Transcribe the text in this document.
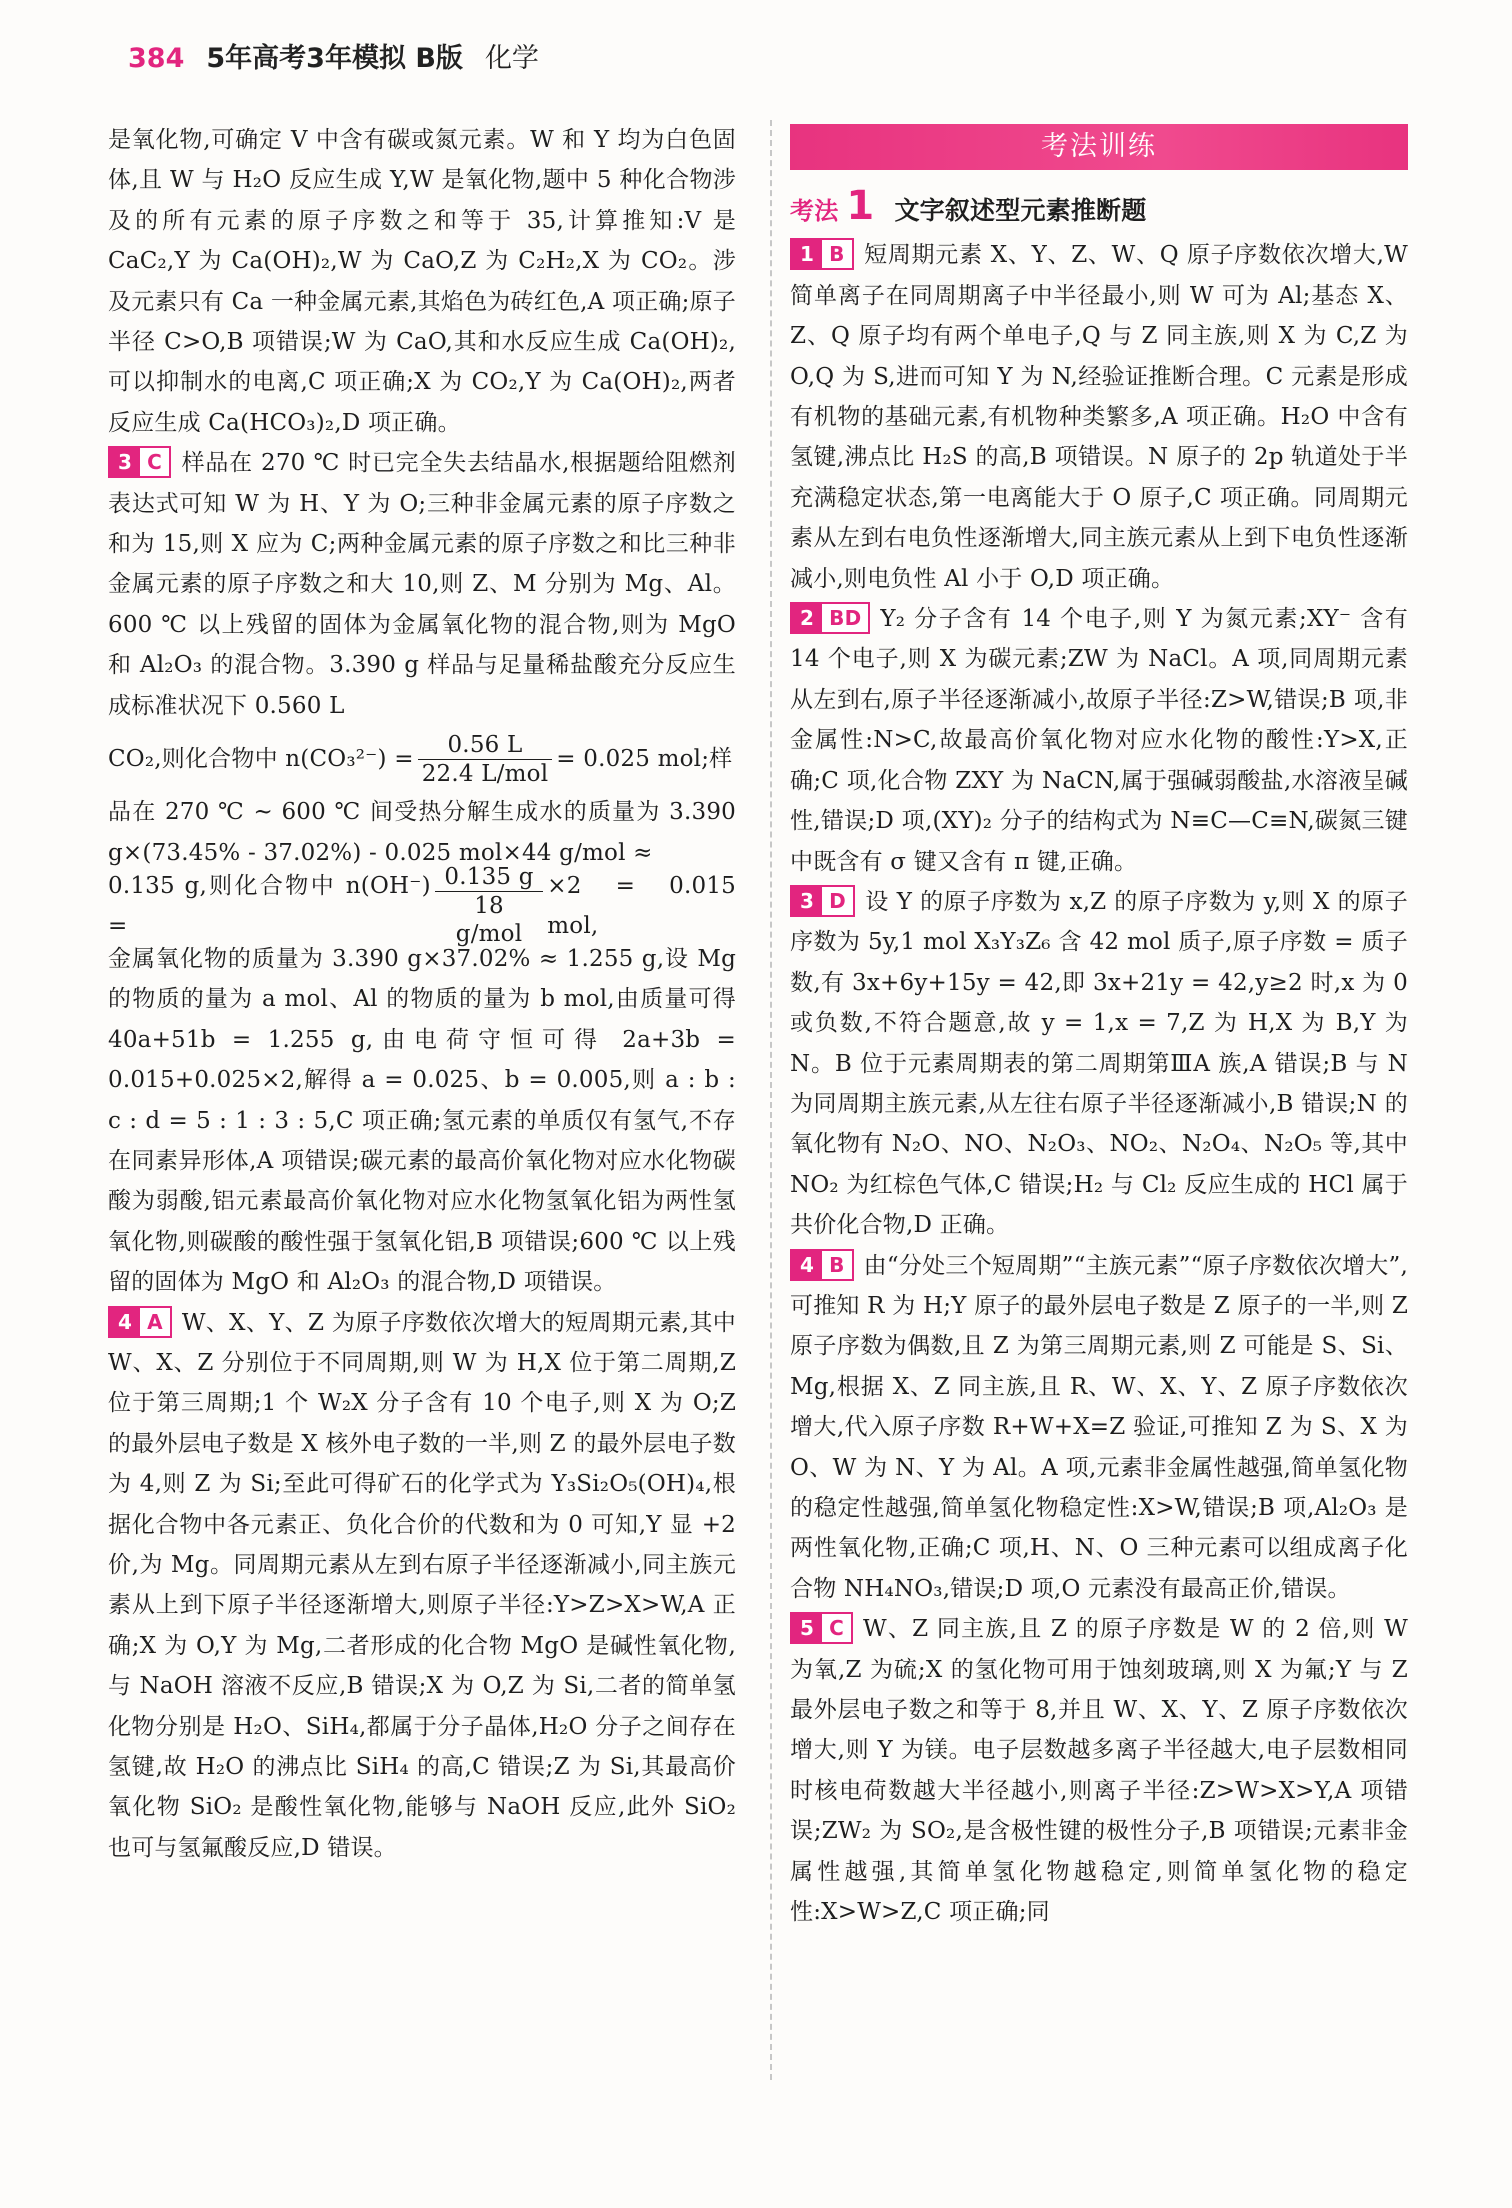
384 5年高考3年模拟 B版 化学

是氧化物,可确定 V 中含有碳或氮元素。W 和 Y 均为白色固体,且 W 与 H₂O 反应生成 Y,W 是氧化物,题中 5 种化合物涉及的所有元素的原子序数之和等于 35,计算推知:V 是 CaC₂,Y 为 Ca(OH)₂,W 为 CaO,Z 为 C₂H₂,X 为 CO₂。涉及元素只有 Ca 一种金属元素,其焰色为砖红色,A 项正确;原子半径 C>O,B 项错误;W 为 CaO,其和水反应生成 Ca(OH)₂,可以抑制水的电离,C 项正确;X 为 CO₂,Y 为 Ca(OH)₂,两者反应生成 Ca(HCO₃)₂,D 项正确。

3 C 样品在 270 ℃ 时已完全失去结晶水,根据题给阻燃剂表达式可知 W 为 H、Y 为 O;三种非金属元素的原子序数之和为 15,则 X 应为 C;两种金属元素的原子序数之和比三种非金属元素的原子序数之和大 10,则 Z、M 分别为 Mg、Al。600 ℃ 以上残留的固体为金属氧化物的混合物,则为 MgO 和 Al₂O₃ 的混合物。3.390 g 样品与足量稀盐酸充分反应生成标准状况下 0.560 L

CO₂,则化合物中 $n(CO_3^{2-}) = \frac{0.56 L}{\text{22.4 L/mol}} = 0.025$ mol;样

品在 270 ℃ ~ 600 ℃ 间受热分解生成水的质量为 3.390 g×(73.45% - 37.02%) - 0.025 mol×44 g/mol ≈

0.135 g,则化合物中 n(OH⁻) =	$\frac{0.135 g}{\text{18 g/mol}} \times 2 = 0.015$ mol,

金属氧化物的质量为 3.390 g×37.02% ≈ 1.255 g,设 Mg 的物质的量为 a mol、Al 的物质的量为 b mol,由质量可得 40a+51b = 1.255 g,由电荷守恒可得 2a+3b = 0.015+0.025×2,解得 a = 0.025、b = 0.005,则 a : b : c : d = 5 : 1 : 3 : 5,C 项正确;氢元素的单质仅有氢气,不存在同素异形体,A 项错误;碳元素的最高价氧化物对应水化物碳酸为弱酸,铝元素最高价氧化物对应水化物氢氧化铝为两性氢氧化物,则碳酸的酸性强于氢氧化铝,B 项错误;600 ℃ 以上残留的固体为 MgO 和 Al₂O₃ 的混合物,D 项错误。

4 A W、X、Y、Z 为原子序数依次增大的短周期元素,其中 W、X、Z 分别位于不同周期,则 W 为 H,X 位于第二周期,Z 位于第三周期;1 个 W₂X 分子含有 10 个电子,则 X 为 O;Z 的最外层电子数是 X 核外电子数的一半,则 Z 的最外层电子数为 4,则 Z 为 Si;至此可得矿石的化学式为 Y₃Si₂O₅(OH)₄,根据化合物中各元素正、负化合价的代数和为 0 可知,Y 显 +2 价,为 Mg。同周期元素从左到右原子半径逐渐减小,同主族元素从上到下原子半径逐渐增大,则原子半径:Y>Z>X>W,A 正确;X 为 O,Y 为 Mg,二者形成的化合物 MgO 是碱性氧化物,与 NaOH 溶液不反应,B 错误;X 为 O,Z 为 Si,二者的简单氢化物分别是 H₂O、SiH₄,都属于分子晶体,H₂O 分子之间存在氢键,故 H₂O 的沸点比 SiH₄ 的高,C 错误;Z 为 Si,其最高价氧化物 SiO₂ 是酸性氧化物,能够与 NaOH 反应,此外 SiO₂ 也可与氢氟酸反应,D 错误。

考法训练
考法 1 文字叙述型元素推断题

1 B 短周期元素 X、Y、Z、W、Q 原子序数依次增大,W 简单离子在同周期离子中半径最小,则 W 可为 Al;基态 X、Z、Q 原子均有两个单电子,Q 与 Z 同主族,则 X 为 C,Z 为 O,Q 为 S,进而可知 Y 为 N,经验证推断合理。C 元素是形成有机物的基础元素,有机物种类繁多,A 项正确。H₂O 中含有氢键,沸点比 H₂S 的高,B 项错误。N 原子的 2p 轨道处于半充满稳定状态,第一电离能大于 O 原子,C 项正确。同周期元素从左到右电负性逐渐增大,同主族元素从上到下电负性逐渐减小,则电负性 Al 小于 O,D 项正确。

2 BD Y₂ 分子含有 14 个电子,则 Y 为氮元素;XY⁻ 含有 14 个电子,则 X 为碳元素;ZW 为 NaCl。A 项,同周期元素从左到右,原子半径逐渐减小,故原子半径:Z>W,错误;B 项,非金属性:N>C,故最高价氧化物对应水化物的酸性:Y>X,正确;C 项,化合物 ZXY 为 NaCN,属于强碱弱酸盐,水溶液呈碱性,错误;D 项,(XY)₂ 分子的结构式为 N≡C—C≡N,碳氮三键中既含有 σ 键又含有 π 键,正确。

3 D 设 Y 的原子序数为 x,Z 的原子序数为 y,则 X 的原子序数为 5y,1 mol X₃Y₃Z₆ 含 42 mol 质子,原子序数 = 质子数,有 3x+6y+15y = 42,即 3x+21y = 42,y≥2 时,x 为 0 或负数,不符合题意,故 y = 1,x = 7,Z 为 H,X 为 B,Y 为 N。B 位于元素周期表的第二周期第ⅢA 族,A 错误;B 与 N 为同周期主族元素,从左往右原子半径逐渐减小,B 错误;N 的氧化物有 N₂O、NO、N₂O₃、NO₂、N₂O₄、N₂O₅ 等,其中 NO₂ 为红棕色气体,C 错误;H₂ 与 Cl₂ 反应生成的 HCl 属于共价化合物,D 正确。

4 B 由“分处三个短周期”“主族元素”“原子序数依次增大”,可推知 R 为 H;Y 原子的最外层电子数是 Z 原子的一半,则 Z 原子序数为偶数,且 Z 为第三周期元素,则 Z 可能是 S、Si、Mg,根据 X、Z 同主族,且 R、W、X、Y、Z 原子序数依次增大,代入原子序数 R+W+X=Z 验证,可推知 Z 为 S、X 为 O、W 为 N、Y 为 Al。A 项,元素非金属性越强,简单氢化物的稳定性越强,简单氢化物稳定性:X>W,错误;B 项,Al₂O₃ 是两性氧化物,正确;C 项,H、N、O 三种元素可以组成离子化合物 NH₄NO₃,错误;D 项,O 元素没有最高正价,错误。

5 C W、Z 同主族,且 Z 的原子序数是 W 的 2 倍,则 W 为氧,Z 为硫;X 的氢化物可用于蚀刻玻璃,则 X 为氟;Y 与 Z 最外层电子数之和等于 8,并且 W、X、Y、Z 原子序数依次增大,则 Y 为镁。电子层数越多离子半径越大,电子层数相同时核电荷数越大半径越小,则离子半径:Z>W>X>Y,A 项错误;ZW₂ 为 SO₂,是含极性键的极性分子,B 项错误;元素非金属性越强,其简单氢化物越稳定,则简单氢化物的稳定性:X>W>Z,C 项正确;同
